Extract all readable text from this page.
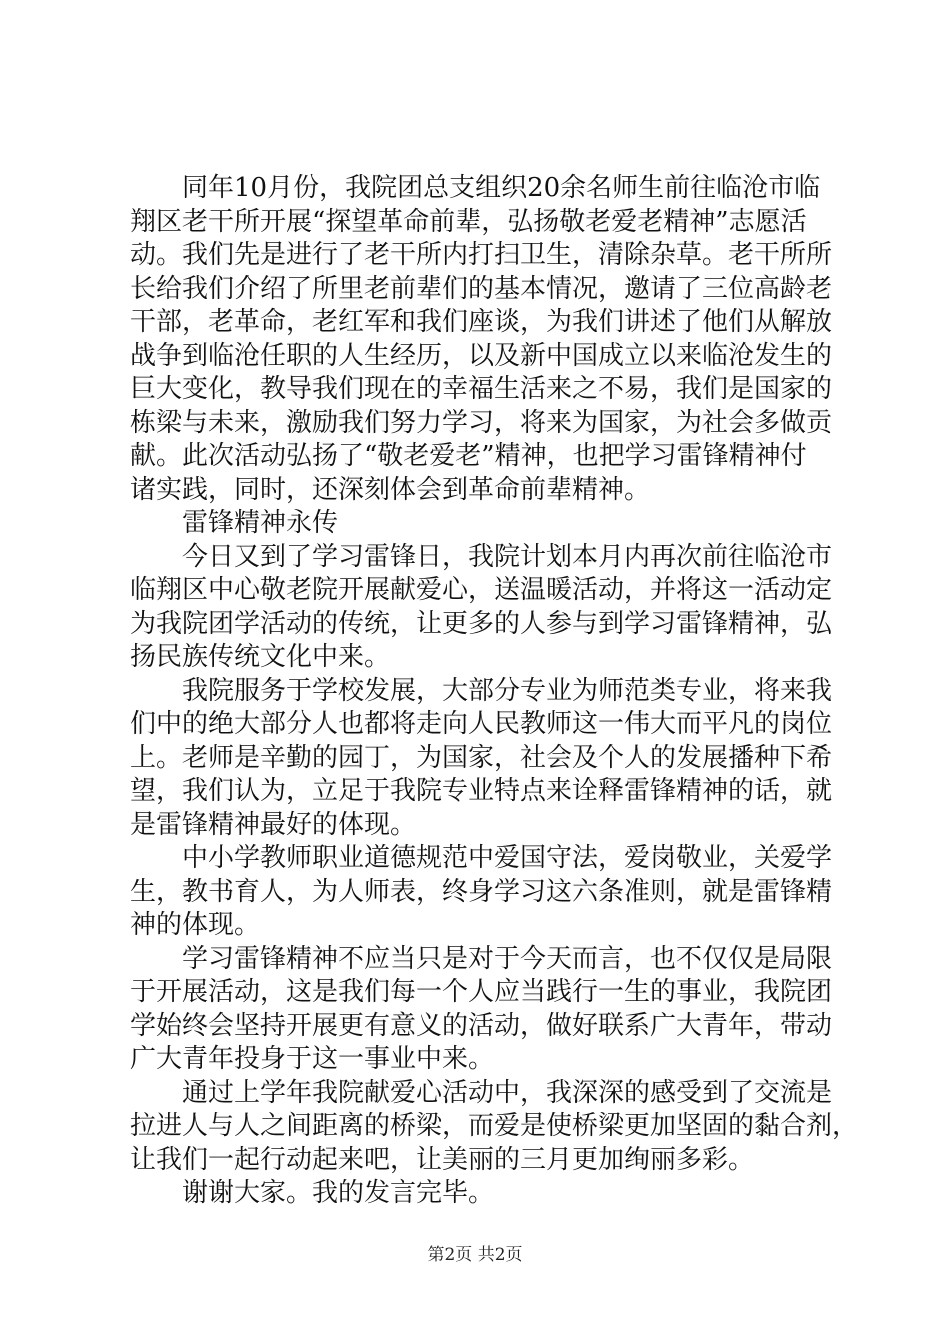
同年10月份，我院团总支组织20余名师生前往临沧市临
翔区老干所开展“探望革命前辈，弘扬敬老爱老精神”志愿活
动。我们先是进行了老干所内打扫卫生，清除杂草。老干所所
长给我们介绍了所里老前辈们的基本情况，邀请了三位高龄老
干部，老革命，老红军和我们座谈，为我们讲述了他们从解放
战争到临沧任职的人生经历，以及新中国成立以来临沧发生的
巨大变化，教导我们现在的幸福生活来之不易，我们是国家的
栋梁与未来，激励我们努力学习，将来为国家，为社会多做贡
献。此次活动弘扬了“敬老爱老”精神，也把学习雷锋精神付
诸实践，同时，还深刻体会到革命前辈精神。
雷锋精神永传
今日又到了学习雷锋日，我院计划本月内再次前往临沧市
临翔区中心敬老院开展献爱心，送温暖活动，并将这一活动定
为我院团学活动的传统，让更多的人参与到学习雷锋精神，弘
扬民族传统文化中来。
我院服务于学校发展，大部分专业为师范类专业，将来我
们中的绝大部分人也都将走向人民教师这一伟大而平凡的岗位
上。老师是辛勤的园丁，为国家，社会及个人的发展播种下希
望，我们认为，立足于我院专业特点来诠释雷锋精神的话，就
是雷锋精神最好的体现。
中小学教师职业道德规范中爱国守法，爱岗敬业，关爱学
生，教书育人，为人师表，终身学习这六条准则，就是雷锋精
神的体现。
学习雷锋精神不应当只是对于今天而言，也不仅仅是局限
于开展活动，这是我们每一个人应当践行一生的事业，我院团
学始终会坚持开展更有意义的活动，做好联系广大青年，带动
广大青年投身于这一事业中来。
通过上学年我院献爱心活动中，我深深的感受到了交流是
拉进人与人之间距离的桥梁，而爱是使桥梁更加坚固的黏合剂，
让我们一起行动起来吧，让美丽的三月更加绚丽多彩。
谢谢大家。我的发言完毕。
第2页 共2页
